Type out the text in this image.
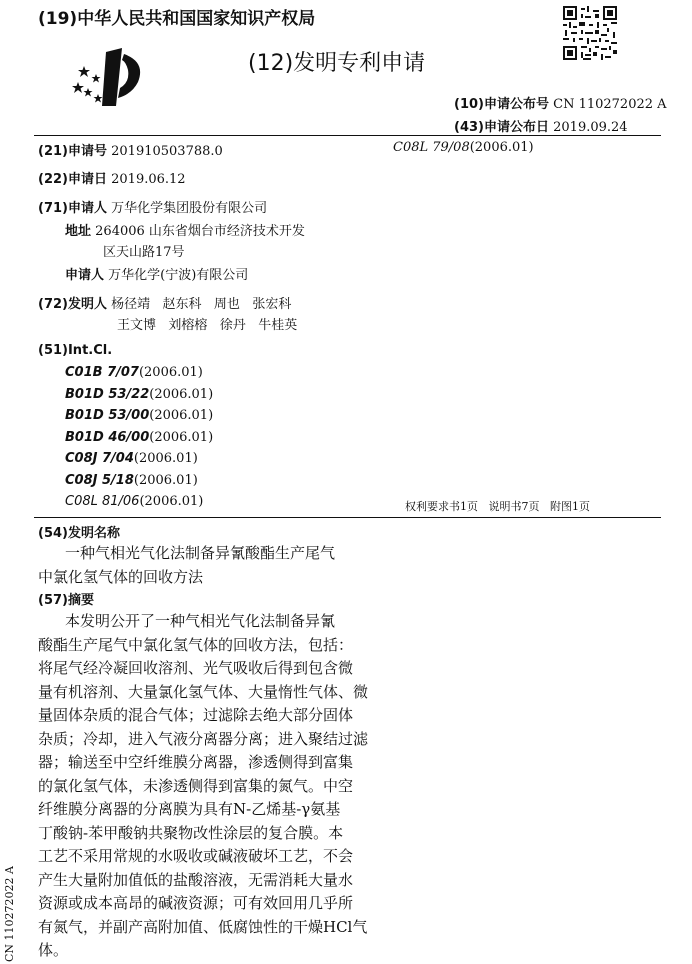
(19)中华人民共和国国家知识产权局
(12)发明专利申请
(10)申请公布号 CN 110272022 A
(43)申请公布日 2019.09.24
(21)申请号 201910503788.0	C08L 79/08(2006.01)
(22)申请日 2019.06.12
(71)申请人 万华化学集团股份有限公司
地址 264006 山东省烟台市经济技术开发
区天山路17号
申请人 万华化学(宁波)有限公司
(72)发明人 杨径靖   赵东科   周也   张宏科
王文博   刘榕榕   徐丹   牛桂英
(51)Int.Cl.
C01B 7/07(2006.01)
B01D 53/22(2006.01)
B01D 53/00(2006.01)
B01D 46/00(2006.01)
C08J 7/04(2006.01)
C08J 5/18(2006.01)
C08L 81/06(2006.01)	权利要求书1页   说明书7页   附图1页
(54)发明名称
一种气相光气化法制备异氰酸酯生产尾气
中氯化氢气体的回收方法
(57)摘要
本发明公开了一种气相光气化法制备异氰
酸酯生产尾气中氯化氢气体的回收方法，包括：
将尾气经冷凝回收溶剂、光气吸收后得到包含微
量有机溶剂、大量氯化氢气体、大量惰性气体、微
量固体杂质的混合气体；过滤除去绝大部分固体
杂质；冷却，进入气液分离器分离；进入聚结过滤
器；输送至中空纤维膜分离器，渗透侧得到富集
的氯化氢气体，未渗透侧得到富集的氮气。中空
纤维膜分离器的分离膜为具有N-乙烯基-γ氨基
丁酸钠-苯甲酸钠共聚物改性涂层的复合膜。本
工艺不采用常规的水吸收或碱液破坏工艺，不会
产生大量附加值低的盐酸溶液，无需消耗大量水
资源或成本高昂的碱液资源；可有效回用几乎所
有氮气，并副产高附加值、低腐蚀性的干燥HCl气
体。
CN 110272022 A
